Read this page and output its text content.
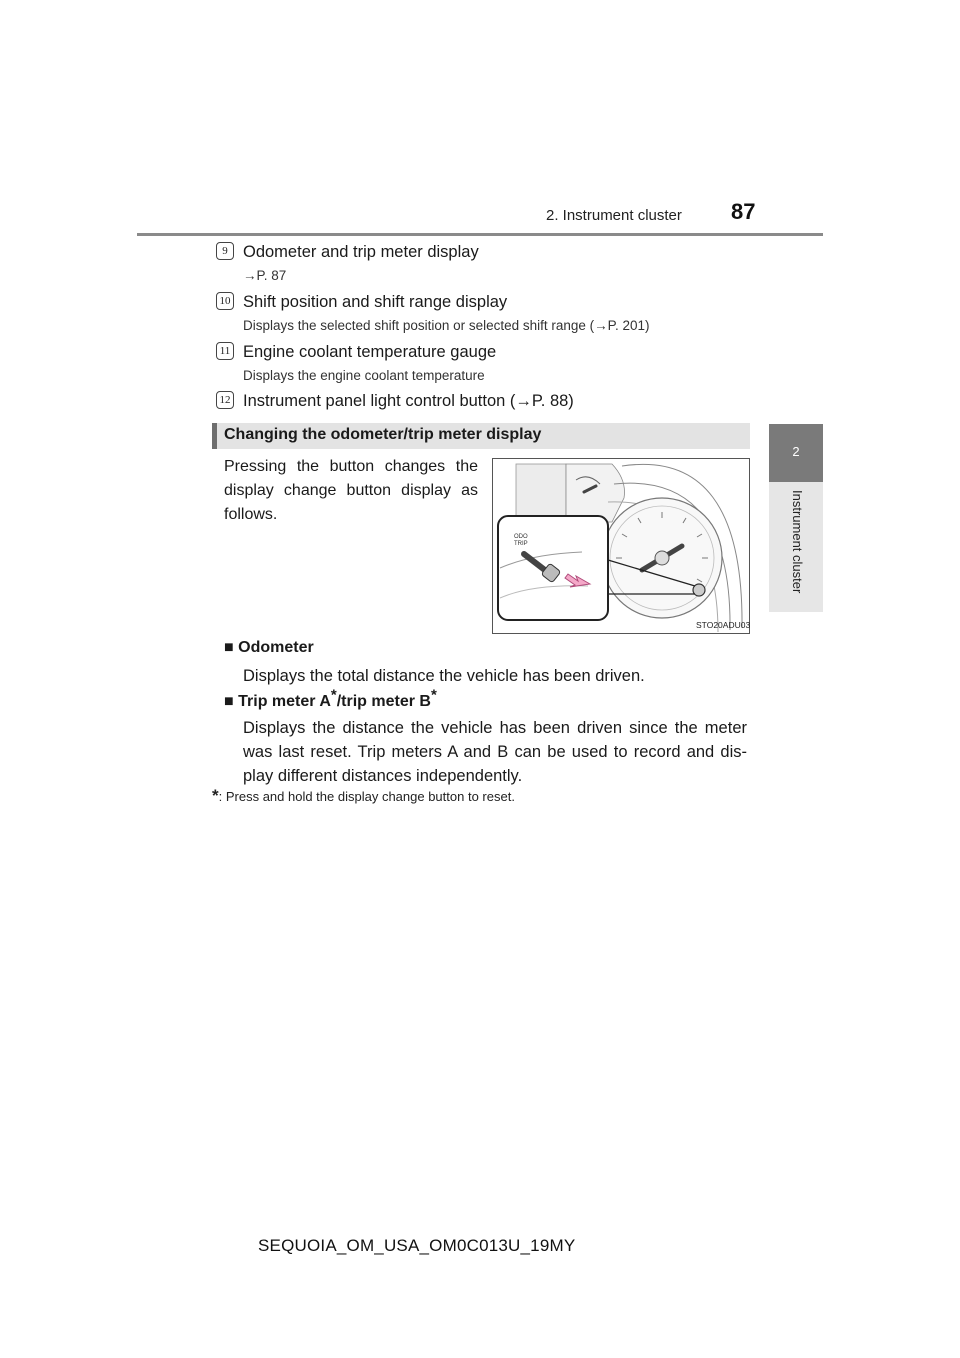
2. Instrument cluster 87
2
Instrument cluster
9 Odometer and trip meter display
→P. 87
10 Shift position and shift range display
Displays the selected shift position or selected shift range (→P. 201)
11 Engine coolant temperature gauge
Displays the engine coolant temperature
12 Instrument panel light control button (→P. 88)
Changing the odometer/trip meter display
Pressing the button changes the display change button display as follows.
ODO
TRIP
STO20ADU03
■ Odometer
Displays the total distance the vehicle has been driven.
■ Trip meter A*/trip meter B*
Displays the distance the vehicle has been driven since the meter was last reset. Trip meters A and B can be used to record and dis- play different distances independently.
*: Press and hold the display change button to reset.
SEQUOIA_OM_USA_OM0C013U_19MY
